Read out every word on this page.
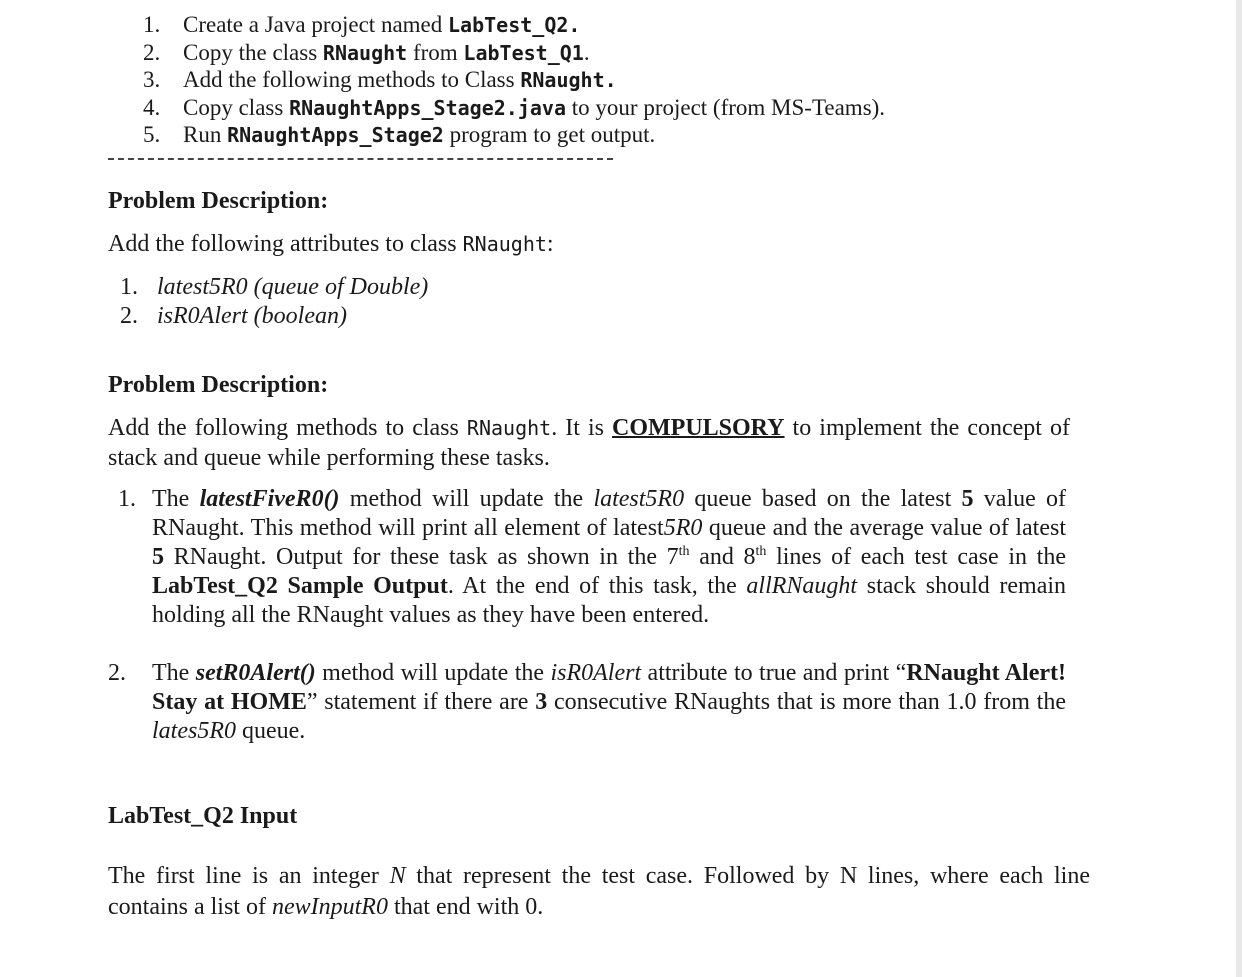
1. Create a Java project named LabTest_Q2.
2. Copy the class RNaught from LabTest_Q1.
3. Add the following methods to Class RNaught.
4. Copy class RNaughtApps_Stage2.java to your project (from MS-Teams).
5. Run RNaughtApps_Stage2 program to get output.
Problem Description:
Add the following attributes to class RNaught:
1. latest5R0 (queue of Double)
2. isR0Alert (boolean)
Problem Description:
Add the following methods to class RNaught. It is COMPULSORY to implement the concept of stack and queue while performing these tasks.
1. The latestFiveR0() method will update the latest5R0 queue based on the latest 5 value of RNaught. This method will print all element of latest5R0 queue and the average value of latest 5 RNaught. Output for these task as shown in the 7th and 8th lines of each test case in the LabTest_Q2 Sample Output. At the end of this task, the allRNaught stack should remain holding all the RNaught values as they have been entered.
2. The setR0Alert() method will update the isR0Alert attribute to true and print “RNaught Alert! Stay at HOME” statement if there are 3 consecutive RNaughts that is more than 1.0 from the lates5R0 queue.
LabTest_Q2 Input
The first line is an integer N that represent the test case. Followed by N lines, where each line contains a list of newInputR0 that end with 0.
